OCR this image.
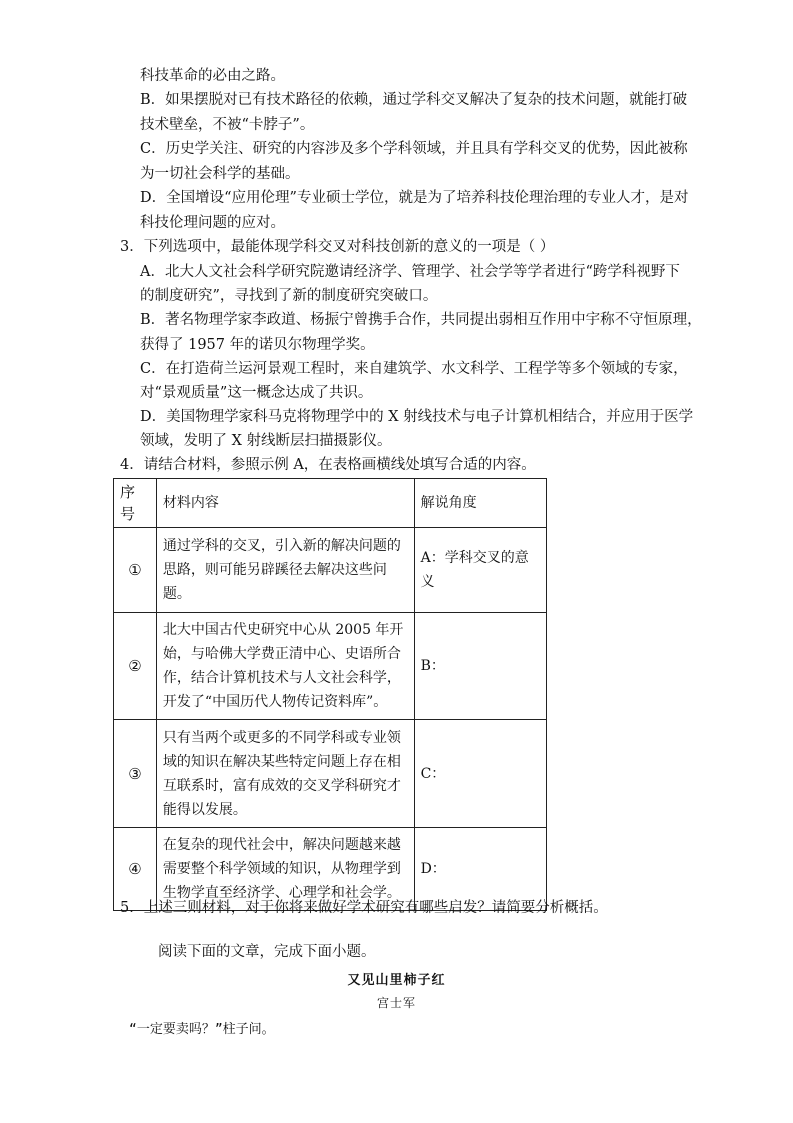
科技革命的必由之路。
B．如果摆脱对已有技术路径的依赖，通过学科交叉解决了复杂的技术问题，就能打破
技术壁垒，不被“卡脖子”。
C．历史学关注、研究的内容涉及多个学科领域，并且具有学科交叉的优势，因此被称
为一切社会科学的基础。
D．全国增设“应用伦理”专业硕士学位，就是为了培养科技伦理治理的专业人才，是对
科技伦理问题的应对。
3．下列选项中，最能体现学科交叉对科技创新的意义的一项是（ ）
A．北大人文社会科学研究院邀请经济学、管理学、社会学等学者进行“跨学科视野下
的制度研究”，寻找到了新的制度研究突破口。
B．著名物理学家李政道、杨振宁曾携手合作，共同提出弱相互作用中宇称不守恒原理，
获得了 1957 年的诺贝尔物理学奖。
C．在打造荷兰运河景观工程时，来自建筑学、水文科学、工程学等多个领域的专家，
对“景观质量”这一概念达成了共识。
D．美国物理学家科马克将物理学中的 X 射线技术与电子计算机相结合，并应用于医学
领域，发明了 X 射线断层扫描摄影仪。
4．请结合材料，参照示例 A，在表格画横线处填写合适的内容。
序号	材料内容	解说角度

①	通过学科的交叉，引入新的解决问题的思路，则可能另辟蹊径去解决这些问题。	A：学科交叉的意义

②	北大中国古代史研究中心从 2005 年开始，与哈佛大学费正清中心、史语所合作，结合计算机技术与人文社会科学，开发了“中国历代人物传记资料库”。	B：

③	只有当两个或更多的不同学科或专业领域的知识在解决某些特定问题上存在相互联系时，富有成效的交叉学科研究才能得以发展。	C：

④	在复杂的现代社会中，解决问题越来越需要整个科学领域的知识，从物理学到生物学直至经济学、心理学和社会学。	D：
5．上述三则材料，对于你将来做好学术研究有哪些启发？请简要分析概括。
阅读下面的文章，完成下面小题。
又见山里柿子红
宫士军
“一定要卖吗？”柱子问。
